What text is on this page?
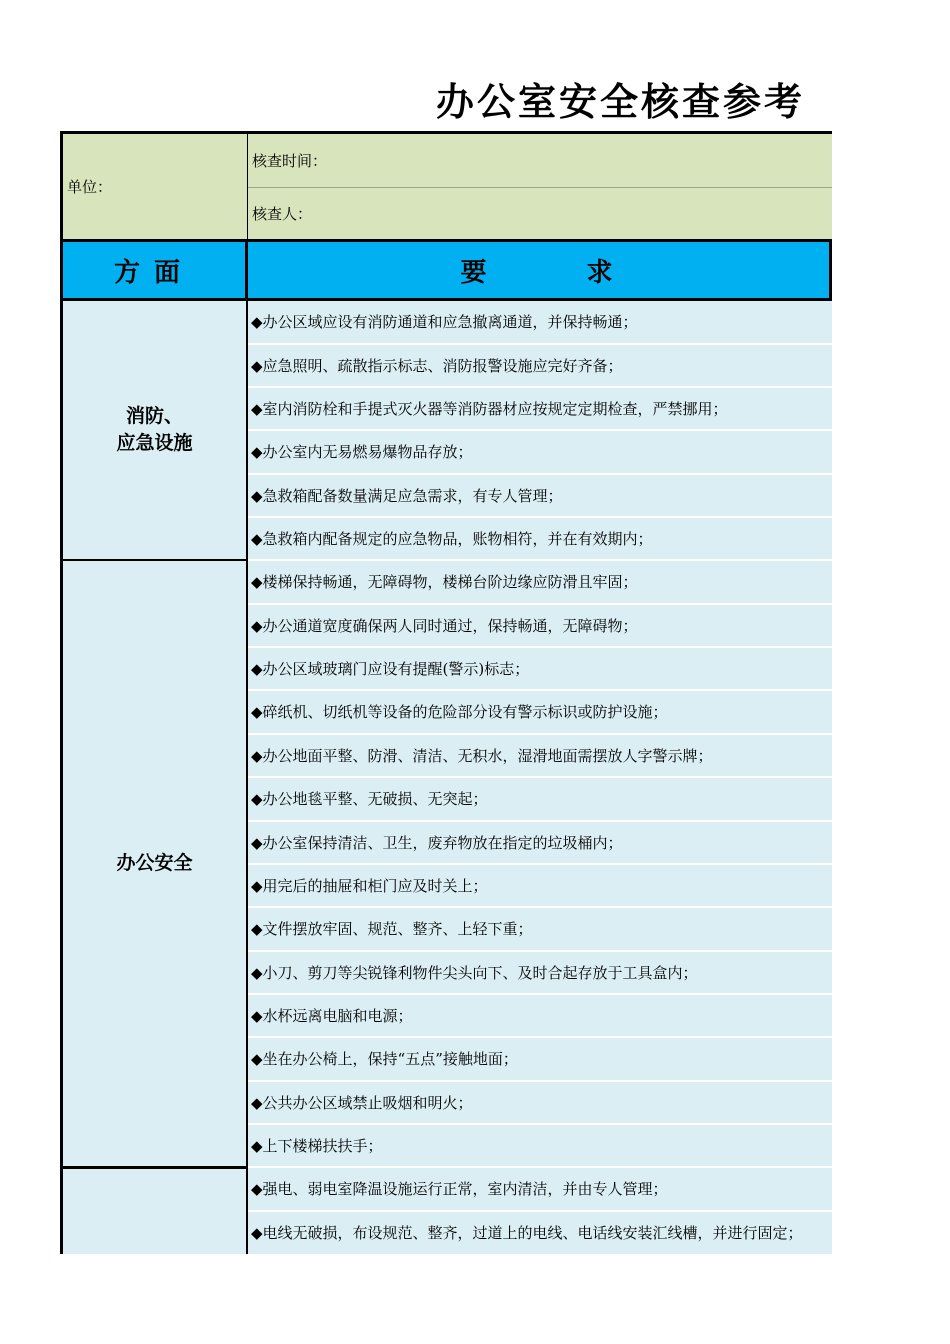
办公室安全核查参考
单位：
核查时间：
核查人：
方面	要	求
消防、
应急设施
办公安全
◆办公区域应设有消防通道和应急撤离通道，并保持畅通；
◆应急照明、疏散指示标志、消防报警设施应完好齐备；
◆室内消防栓和手提式灭火器等消防器材应按规定定期检查，严禁挪用；
◆办公室内无易燃易爆物品存放；
◆急救箱配备数量满足应急需求，有专人管理；
◆急救箱内配备规定的应急物品，账物相符，并在有效期内；
◆楼梯保持畅通，无障碍物，楼梯台阶边缘应防滑且牢固；
◆办公通道宽度确保两人同时通过，保持畅通，无障碍物；
◆办公区域玻璃门应设有提醒(警示)标志；
◆碎纸机、切纸机等设备的危险部分设有警示标识或防护设施；
◆办公地面平整、防滑、清洁、无积水，湿滑地面需摆放人字警示牌；
◆办公地毯平整、无破损、无突起；
◆办公室保持清洁、卫生，废弃物放在指定的垃圾桶内；
◆用完后的抽屉和柜门应及时关上；
◆文件摆放牢固、规范、整齐、上轻下重；
◆小刀、剪刀等尖锐锋利物件尖头向下、及时合起存放于工具盒内；
◆水杯远离电脑和电源；
◆坐在办公椅上，保持“五点”接触地面；
◆公共办公区域禁止吸烟和明火；
◆上下楼梯扶扶手；
◆强电、弱电室降温设施运行正常，室内清洁，并由专人管理；
◆电线无破损，布设规范、整齐，过道上的电线、电话线安装汇线槽，并进行固定；
